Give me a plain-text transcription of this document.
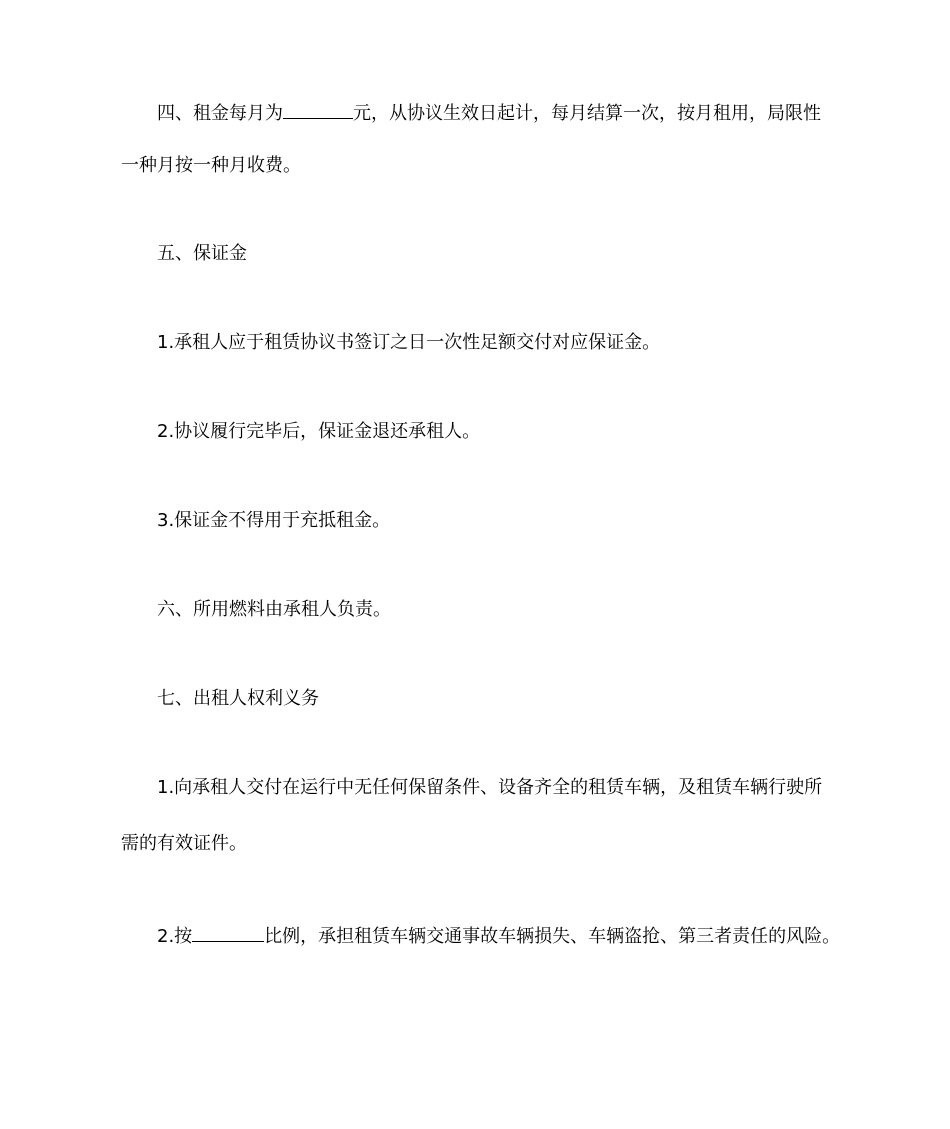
四、租金每月为	元，从协议生效日起计，每月结算一次，按月租用，局限性
一种月按一种月收费。
五、保证金
1.承租人应于租赁协议书签订之日一次性足额交付对应保证金。
2.协议履行完毕后，保证金退还承租人。
3.保证金不得用于充抵租金。
六、所用燃料由承租人负责。
七、出租人权利义务
1.向承租人交付在运行中无任何保留条件、设备齐全的租赁车辆，及租赁车辆行驶所
需的有效证件。
2.按	比例，承担租赁车辆交通事故车辆损失、车辆盗抢、第三者责任的风险。
